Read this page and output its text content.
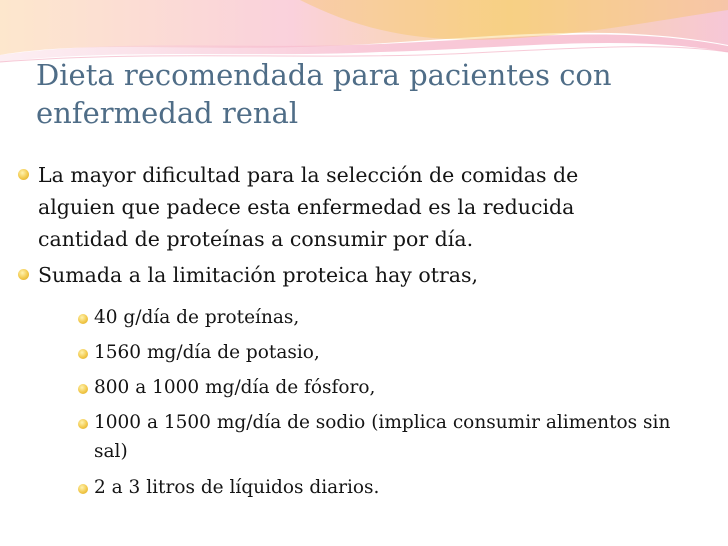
Dieta recomendada para pacientes con enfermedad renal
La mayor dificultad para la selección de comidas de alguien que padece esta enfermedad es la reducida cantidad de proteínas a consumir por día.
Sumada a la limitación proteica hay otras,
40 g/día de proteínas,
1560 mg/día de potasio,
800 a 1000 mg/día de fósforo,
1000 a 1500 mg/día de sodio (implica consumir alimentos sin sal)
2 a 3 litros de líquidos diarios.
